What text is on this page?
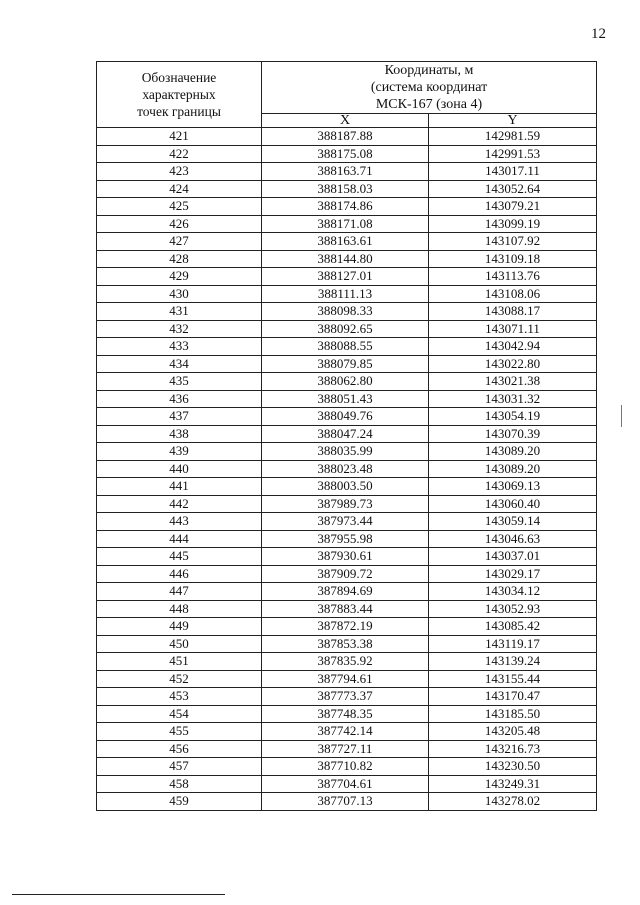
12
Обозначение
характерных
точек границы	Координаты, м
(система координат
МСК-167 (зона 4)	
	X	Y
421	388187.88	142981.59
422	388175.08	142991.53
423	388163.71	143017.11
424	388158.03	143052.64
425	388174.86	143079.21
426	388171.08	143099.19
427	388163.61	143107.92
428	388144.80	143109.18
429	388127.01	143113.76
430	388111.13	143108.06
431	388098.33	143088.17
432	388092.65	143071.11
433	388088.55	143042.94
434	388079.85	143022.80
435	388062.80	143021.38
436	388051.43	143031.32
437	388049.76	143054.19
438	388047.24	143070.39
439	388035.99	143089.20
440	388023.48	143089.20
441	388003.50	143069.13
442	387989.73	143060.40
443	387973.44	143059.14
444	387955.98	143046.63
445	387930.61	143037.01
446	387909.72	143029.17
447	387894.69	143034.12
448	387883.44	143052.93
449	387872.19	143085.42
450	387853.38	143119.17
451	387835.92	143139.24
452	387794.61	143155.44
453	387773.37	143170.47
454	387748.35	143185.50
455	387742.14	143205.48
456	387727.11	143216.73
457	387710.82	143230.50
458	387704.61	143249.31
459	387707.13	143278.02
